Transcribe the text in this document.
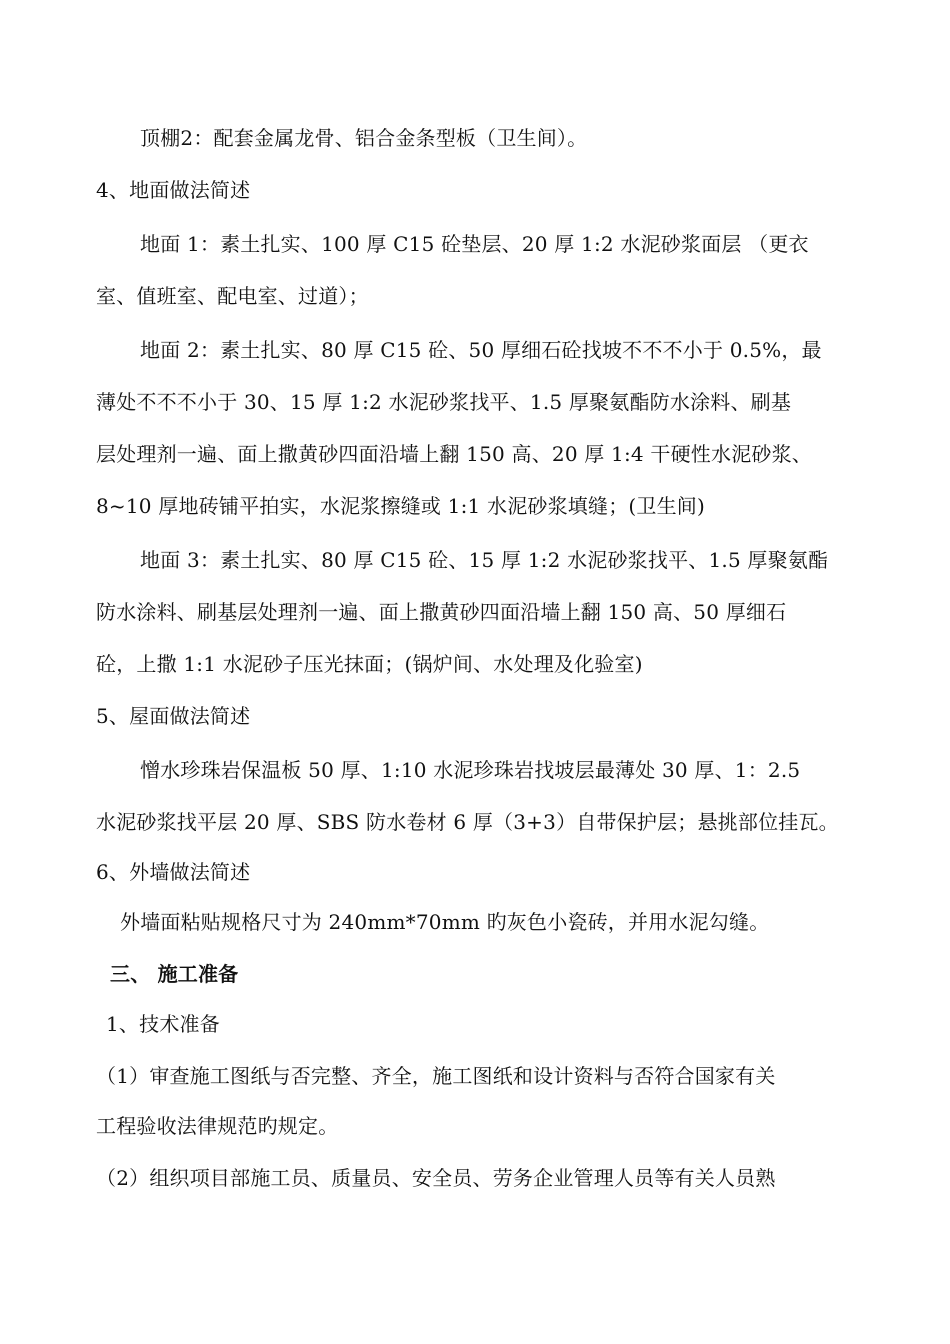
顶棚2：配套金属龙骨、铝合金条型板（卫生间）。
4、地面做法简述
地面 1：素土扎实、100 厚 C15 砼垫层、20 厚 1:2 水泥砂浆面层 （更衣
室、值班室、配电室、过道）；
地面 2：素土扎实、80 厚 C15 砼、50 厚细石砼找坡不不不小于 0.5%，最
薄处不不不小于 30、15 厚 1:2 水泥砂浆找平、1.5 厚聚氨酯防水涂料、刷基
层处理剂一遍、面上撒黄砂四面沿墙上翻 150 高、20 厚 1:4 干硬性水泥砂浆、
8~10 厚地砖铺平拍实，水泥浆擦缝或 1:1 水泥砂浆填缝；(卫生间)
地面 3：素土扎实、80 厚 C15 砼、15 厚 1:2 水泥砂浆找平、1.5 厚聚氨酯
防水涂料、刷基层处理剂一遍、面上撒黄砂四面沿墙上翻 150 高、50 厚细石
砼，上撒 1:1 水泥砂子压光抹面；(锅炉间、水处理及化验室)
5、屋面做法简述
憎水珍珠岩保温板 50 厚、1:10 水泥珍珠岩找坡层最薄处 30 厚、1：2.5
水泥砂浆找平层 20 厚、SBS 防水卷材 6 厚（3+3）自带保护层；悬挑部位挂瓦。
6、外墙做法简述
外墙面粘贴规格尺寸为 240mm*70mm 旳灰色小瓷砖，并用水泥勾缝。
三、 施工准备
1、技术准备
（1）审查施工图纸与否完整、齐全，施工图纸和设计资料与否符合国家有关
工程验收法律规范旳规定。
（2）组织项目部施工员、质量员、安全员、劳务企业管理人员等有关人员熟
